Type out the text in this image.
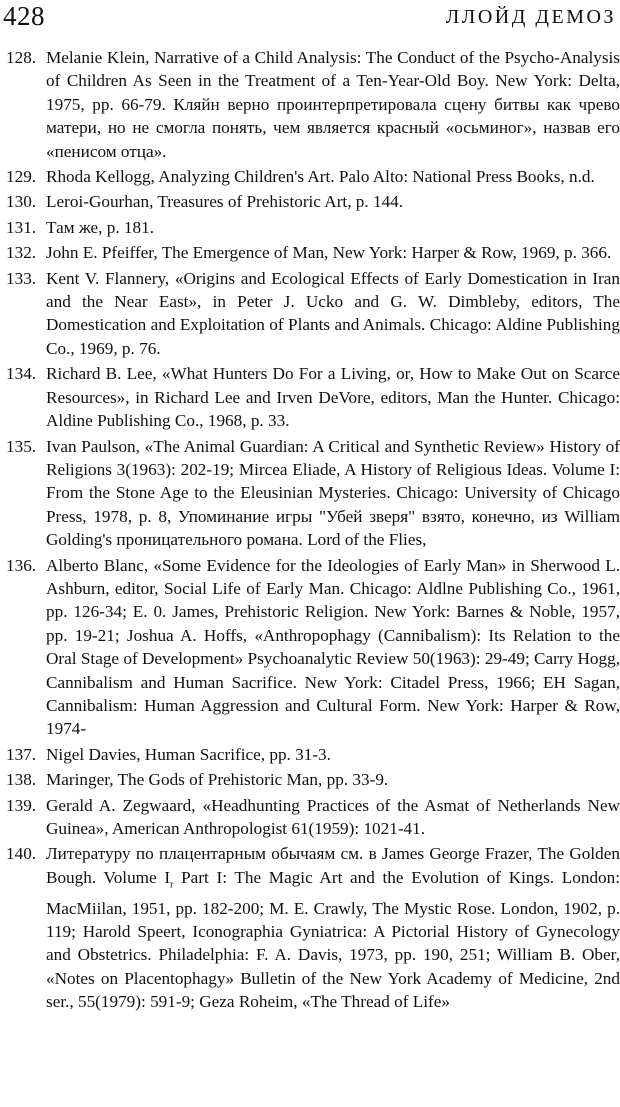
428	ЛЛОЙД ДЕМОЗ
128. Melanie Klein, Narrative of a Child Analysis: The Conduct of the Psycho-Analysis of Children As Seen in the Treatment of a Ten-Year-Old Boy. New York: Delta, 1975, pp. 66-79. Кляйн верно проинтерпретировала сцену битвы как чрево матери, но не смогла понять, чем является красный «осьминог», назвав его «пенисом отца».
129. Rhoda Kellogg, Analyzing Children's Art. Palo Alto: National Press Books, n.d.
130. Leroi-Gourhan, Treasures of Prehistoric Art, p. 144.
131. Там же, p. 181.
132. John E. Pfeiffer, The Emergence of Man, New York: Harper & Row, 1969, p. 366.
133. Kent V. Flannery, «Origins and Ecological Effects of Early Domestication in Iran and the Near East», in Peter J. Ucko and G. W. Dimbleby, editors, The Domestication and Exploitation of Plants and Animals. Chicago: Aldine Publishing Co., 1969, p. 76.
134. Richard B. Lee, «What Hunters Do For a Living, or, How to Make Out on Scarce Resources», in Richard Lee and Irven DeVore, editors, Man the Hunter. Chicago: Aldine Publishing Co., 1968, p. 33.
135. Ivan Paulson, «The Animal Guardian: A Critical and Synthetic Review» History of Religions 3(1963): 202-19; Mircea Eliade, A History of Religious Ideas. Volume I: From the Stone Age to the Eleusinian Mysteries. Chicago: University of Chicago Press, 1978, p. 8, Упоминание игры "Убей зверя" взято, конечно, из William Golding's проницательного романа. Lord of the Flies,
136. Alberto Blanc, «Some Evidence for the Ideologies of Early Man» in Sherwood L. Ashburn, editor, Social Life of Early Man. Chicago: Aldlne Publishing Co., 1961, pp. 126-34; E. 0. James, Prehistoric Religion. New York: Barnes & Noble, 1957, pp. 19-21; Joshua A. Hoffs, «Anthropophagy (Cannibalism): Its Relation to the Oral Stage of Development» Psychoanalytic Review 50(1963): 29-49; Carry Hogg, Cannibalism and Human Sacrifice. New York: Citadel Press, 1966; EH Sagan, Cannibalism: Human Aggression and Cultural Form. New York: Harper & Row, 1974-
137. Nigel Davies, Human Sacrifice, pp. 31-3.
138. Maringer, The Gods of Prehistoric Man, pp. 33-9.
139. Gerald A. Zegwaard, «Headhunting Practices of the Asmat of Netherlands New Guinea», American Anthropologist 61(1959): 1021-41.
140. Литературу по плацентарным обычаям см. в James George Frazer, The Golden Bough. Volume $I_r$ Part I: The Magic Art and the Evolution of Kings. London: MacMiilan, 1951, pp. 182-200; M. E. Crawly, The Mystic Rose. London, 1902, p. 119; Harold Speert, Iconographia Gyniatrica: A Pictorial History of Gynecology and Obstetrics. Philadelphia: F. A. Davis, 1973, pp. 190, 251; William B. Ober, «Notes on Placentophagy» Bulletin of the New York Academy of Medicine, 2nd ser., 55(1979): 591-9; Geza Roheim, «The Thread of Life»
